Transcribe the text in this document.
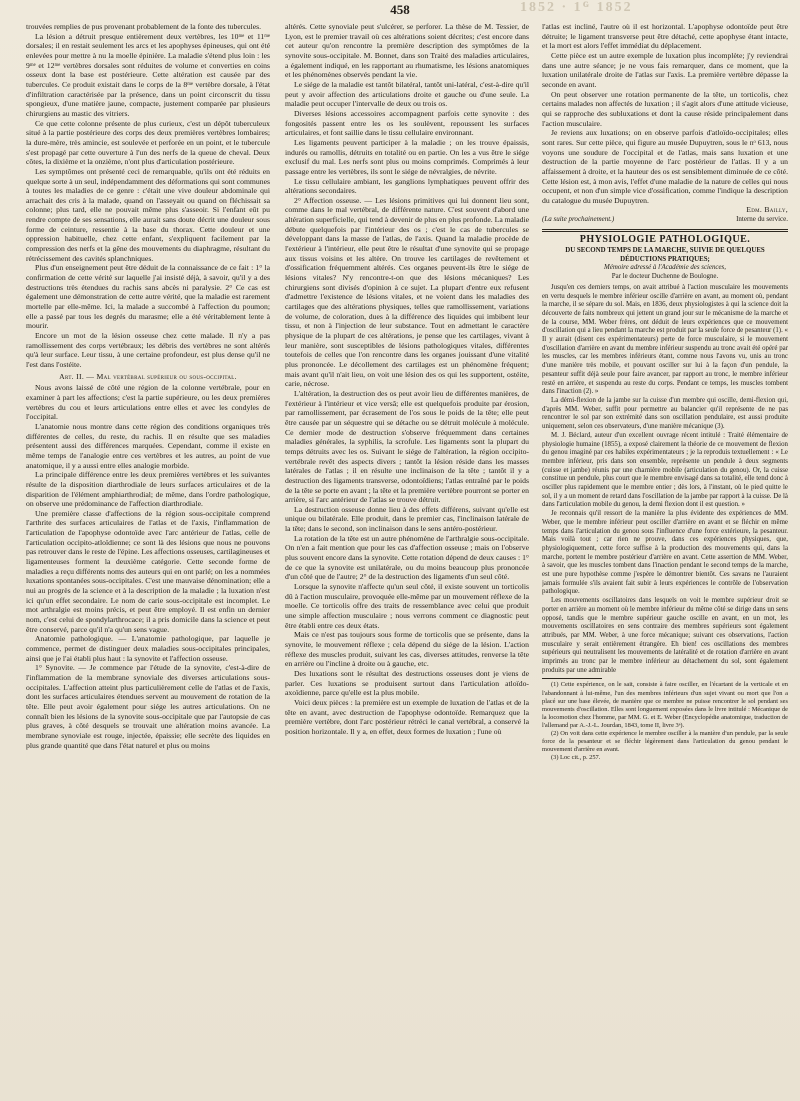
1852 · 1ᴳ 1852
458

trouvées remplies de pus provenant probablement de la fonte des tubercules.

La lésion a détruit presque entièrement deux vertèbres, les 10ᵐᵉ et 11ᵐᵉ dorsales; il en restait seulement les arcs et les apophyses épineuses, qui ont été enlevées pour mettre à nu la moelle épinière. La maladie s'étend plus loin : les 9ᵐᵉ et 12ᵐᵉ vertèbres dorsales sont réduites de volume et converties en coins osseux dont la base est postérieure. Cette altération est causée par des tubercules. Ce produit existait dans le corps de la 8ᵐᵉ vertèbre dorsale, à l'état d'infiltration caractérisée par la présence, dans un point circonscrit du tissu spongieux, d'une matière jaune, compacte, justement comparée par plusieurs chirurgiens au mastic des vitriers.

Ce que cette colonne présente de plus curieux, c'est un dépôt tuberculeux situé à la partie postérieure des corps des deux premières vertèbres lombaires; la dure-mère, très amincie, est soulevée et perforée en un point, et le tubercule s'est propagé par cette ouverture à l'un des nerfs de la queue de cheval. Deux côtes, la dixième et la onzième, n'ont plus d'articulation postérieure.

Les symptômes ont présenté ceci de remarquable, qu'ils ont été réduits en quelque sorte à un seul, indépendamment des déformations qui sont communes à toutes les maladies de ce genre : c'était une vive douleur abdominale qui arrachait des cris à la malade, quand on l'asseyait ou quand on fléchissait sa colonne; plus tard, elle ne pouvait même plus s'asseoir. Si l'enfant eût pu rendre compte de ses sensations, elle aurait sans doute décrit une douleur sous forme de ceinture, ressentie à la base du thorax. Cette douleur et une oppression habituelle, chez cette enfant, s'expliquent facilement par la compression des nerfs et la gêne des mouvements du diaphragme, résultant du rétrécissement des cavités splanchniques.

Plus d'un enseignement peut être déduit de la connaissance de ce fait : 1° la confirmation de cette vérité sur laquelle j'ai insisté déjà, à savoir, qu'il y a des destructions très étendues du rachis sans abcès ni paralysie. 2° Ce cas est également une démonstration de cette autre vérité, que la maladie est rarement mortelle par elle-même. Ici, la malade a succombé à l'affection du poumon; elle a passé par tous les degrés du marasme; elle a été véritablement lente à mourir.

Encore un mot de la lésion osseuse chez cette malade. Il n'y a pas ramollissement des corps vertébraux; les débris des vertèbres ne sont altérés qu'à leur surface. Leur tissu, à une certaine profondeur, est plus dense qu'il ne l'est dans l'ostéite.

Art. II. — Mal vertébral supérieur ou sous-occipital.

Nous avons laissé de côté une région de la colonne vertébrale, pour en examiner à part les affections; c'est la partie supérieure, ou les deux premières vertèbres du cou et leurs articulations entre elles et avec les condyles de l'occipital.

L'anatomie nous montre dans cette région des conditions organiques très différentes de celles, du reste, du rachis. Il en résulte que ses maladies présentent aussi des différences marquées. Cependant, comme il existe en même temps de l'analogie entre ces vertèbres et les autres, au point de vue anatomique, il y a aussi entre elles analogie morbide.

La principale différence entre les deux premières vertèbres et les suivantes résulte de la disposition diarthrodiale de leurs surfaces articulaires et de la disparition de l'élément amphiarthrodial; de même, dans l'ordre pathologique, on observe une prédominance de l'affection diarthrodiale.

Une première classe d'affections de la région sous-occipitale comprend l'arthrite des surfaces articulaires de l'atlas et de l'axis, l'inflammation de l'articulation de l'apophyse odontoïde avec l'arc antérieur de l'atlas, celle de l'articulation occipito-atloïdienne; ce sont là des lésions que nous ne pouvons pas retrouver dans le reste de l'épine. Les affections osseuses, cartilagineuses et ligamenteuses forment la deuxième catégorie. Cette seconde forme de maladies a reçu différents noms des auteurs qui en ont parlé; on les a nommées luxations spontanées sous-occipitales. C'est une mauvaise dénomination; elle a nui au progrès de la science et à la description de la maladie ; la luxation n'est ici qu'un effet secondaire. Le nom de carie sous-occipitale est incomplet. Le mot arthralgie est moins précis, et peut être employé. Il est enfin un dernier nom, c'est celui de spondylarthrocace; il a pris domicile dans la science et peut être conservé, parce qu'il n'a qu'un sens vague.

Anatomie pathologique. — L'anatomie pathologique, par laquelle je commence, permet de distinguer deux maladies sous-occipitales principales, ainsi que je l'ai établi plus haut : la synovite et l'affection osseuse.

1° Synovite. — Je commence par l'étude de la synovite, c'est-à-dire de l'inflammation de la membrane synoviale des diverses articulations sous-occipitales. L'affection atteint plus particulièrement celle de l'atlas et de l'axis, dont les surfaces articulaires étendues servent au mouvement de rotation de la tête. Elle peut avoir également pour siége les autres articulations. On ne connaît bien les lésions de la synovite sous-occipitale que par l'autopsie de cas plus graves, à côté desquels se trouvait une altération moins avancée. La membrane synoviale est rouge, injectée, épaissie; elle secrète des liquides en plus grande quantité que dans l'état naturel et plus ou moins

altérés. Cette synoviale peut s'ulcérer, se perforer. La thèse de M. Tessier, de Lyon, est le premier travail où ces altérations soient décrites; c'est encore dans cet auteur qu'on rencontre la première description des symptômes de la synovite sous-occipitale. M. Bonnet, dans son Traité des maladies articulaires, a également indiqué, en les rapportant au rhumatisme, les lésions anatomiques et les phénomènes observés pendant la vie.

Le siége de la maladie est tantôt bilatéral, tantôt uni-latéral, c'est-à-dire qu'il peut y avoir affection des articulations droite et gauche ou d'une seule. La maladie peut occuper l'intervalle de deux ou trois os.

Diverses lésions accessoires accompagnent parfois cette synovite : des fongosités passent entre les os les soulèvent, repoussent les surfaces articulaires, et font saillie dans le tissu cellulaire environnant.

Les ligaments peuvent participer à la maladie ; on les trouve épaissis, indurés ou ramollis, détruits en totalité ou en partie. On les a vus être le siége exclusif du mal. Les nerfs sont plus ou moins comprimés. Comprimés à leur passage entre les vertèbres, ils sont le siége de névralgies, de névrite.

Le tissu cellulaire ambiant, les ganglions lymphatiques peuvent offrir des altérations secondaires.

2° Affection osseuse. — Les lésions primitives qui lui donnent lieu sont, comme dans le mal vertébral, de différente nature. C'est souvent d'abord une altération superficielle, qui tend à devenir de plus en plus profonde. La maladie débute quelquefois par l'intérieur des os ; c'est le cas de tubercules se développant dans la masse de l'atlas, de l'axis. Quand la maladie procède de l'extérieur à l'intérieur, elle peut être le résultat d'une synovite qui se propage aux tissus voisins et les altère. On trouve les cartilages de revêtement et d'ossification fréquemment altérés. Ces organes peuvent-ils être le siége de lésions vitales? N'y rencontre-t-on que des lésions mécaniques? Les chirurgiens sont divisés d'opinion à ce sujet. La plupart d'entre eux refusent d'admettre l'existence de lésions vitales, et ne voient dans les maladies des cartilages que des altérations physiques, telles que ramollissement, variations de volume, de coloration, dues à la différence des liquides qui imbibent leur tissu, et non à l'injection de leur substance. Tout en admettant le caractère physique de la plupart de ces altérations, je pense que les cartilages, vivant à leur manière, sont susceptibles de lésions pathologiques vitales, différentes toutefois de celles que l'on rencontre dans les organes jouissant d'une vitalité plus prononcée. Le décollement des cartilages est un phénomène fréquent; mais avant qu'il n'ait lieu, on voit une lésion des os qui les supportent, ostéite, carie, nécrose.

L'altération, la destruction des os peut avoir lieu de différentes manières, de l'extérieur à l'intérieur et vice versâ; elle est quelquefois produite par érosion, par ramollissement, par écrasement de l'os sous le poids de la tête; elle peut être causée par un séquestre qui se détache ou se détruit molécule à molécule. Ce dernier mode de destruction s'observe fréquemment dans certaines maladies générales, la syphilis, la scrofule. Les ligaments sont la plupart du temps détruits avec les os. Suivant le siége de l'altération, la région occipito-vertébrale revêt des aspects divers ; tantôt la lésion réside dans les masses latérales de l'atlas ; il en résulte une inclinaison de la tête ; tantôt il y a destruction des ligaments transverse, odontoïdiens; l'atlas entraîné par le poids de la tête se porte en avant ; la tête et la première vertèbre pourront se porter en arrière, si l'arc antérieur de l'atlas se trouve détruit.

La destruction osseuse donne lieu à des effets différens, suivant qu'elle est unique ou bilatérale. Elle produit, dans le premier cas, l'inclinaison latérale de la tête; dans le second, son inclinaison dans le sens antéro-postérieur.

La rotation de la tête est un autre phénomène de l'arthralgie sous-occipitale. On n'en a fait mention que pour les cas d'affection osseuse ; mais on l'observe plus souvent encore dans la synovite. Cette rotation dépend de deux causes : 1° de ce que la synovite est unilatérale, ou du moins beaucoup plus prononcée d'un côté que de l'autre; 2° de la destruction des ligaments d'un seul côté.

Lorsque la synovite n'affecte qu'un seul côté, il existe souvent un torticolis dû à l'action musculaire, provoquée elle-même par un mouvement réflexe de la moelle. Ce torticolis offre des traits de ressemblance avec celui que produit une simple affection musculaire ; nous verrons comment ce diagnostic peut être établi entre ces deux états.

Mais ce n'est pas toujours sous forme de torticolis que se présente, dans la synovite, le mouvement réflexe ; cela dépend du siége de la lésion. L'action réflexe des muscles produit, suivant les cas, diverses attitudes, renverse la tête en arrière ou l'incline à droite ou à gauche, etc.

Des luxations sont le résultat des destructions osseuses dont je viens de parler. Ces luxations se produisent surtout dans l'articulation atloïdo-axoïdienne, parce qu'elle est la plus mobile.

Voici deux pièces : la première est un exemple de luxation de l'atlas et de la tête en avant, avec destruction de l'apophyse odontoïde. Remarquez que la première vertèbre, dont l'arc postérieur rétréci le canal vertébral, a conservé la position horizontale. Il y a, en effet, deux formes de luxation ; l'une où

l'atlas est incliné, l'autre où il est horizontal. L'apophyse odontoïde peut être détruite; le ligament transverse peut être détaché, cette apophyse étant intacte, et la mort est alors l'effet immédiat du déplacement.

Cette pièce est un autre exemple de luxation plus incomplète; j'y reviendrai dans une autre séance; je ne vous fais remarquer, dans ce moment, que la luxation unilatérale droite de l'atlas sur l'axis. La première vertèbre dépasse la seconde en avant.

On peut observer une rotation permanente de la tête, un torticolis, chez certains malades non affectés de luxation ; il s'agit alors d'une attitude vicieuse, qui se rapproche des subluxations et dont la cause réside principalement dans l'action musculaire.

Je reviens aux luxations; on en observe parfois d'atloïdo-occipitales; elles sont rares. Sur cette pièce, qui figure au musée Dupuytren, sous le nᵒ 613, nous voyons une soudure de l'occipital et de l'atlas, mais sans luxation et une destruction de la partie moyenne de l'arc postérieur de l'atlas. Il y a un affaissement à droite, et la hauteur des os est sensiblement diminuée de ce côté. Cette lésion est, à mon avis, l'effet d'une maladie de la nature de celles qui nous occupent, et non d'un simple vice d'ossification, comme l'indique la description du catalogue du musée Dupuytren.

Edm. Bailly,

(La suite prochainement.)	Interne du service.

PHYSIOLOGIE PATHOLOGIQUE.

DU SECOND TEMPS DE LA MARCHE, SUIVIE DE QUELQUES DÉDUCTIONS PRATIQUES;

Mémoire adressé à l'Académie des sciences,

Par le docteur Duchenne de Boulogne.

Jusqu'en ces derniers temps, on avait attribué à l'action musculaire les mouvements en vertu desquels le membre inférieur oscille d'arrière en avant, au moment où, pendant la marche, il se sépare du sol. Mais, en 1836, deux physiologistes à qui la science doit la découverte de faits nombreux qui jettent un grand jour sur le mécanisme de la marche et de la course, MM. Weber frères, ont déduit de leurs expériences que ce mouvement d'oscillation qui a lieu pendant la marche est produit par la seule force de pesanteur (1). « Il y aurait (disent ces expérimentateurs) perte de force musculaire, si le mouvement d'oscillation d'arrière en avant du membre inférieur suspendu au tronc avait été opéré par les muscles, car les membres inférieurs étant, comme nous l'avons vu, unis au tronc d'une manière très mobile, et pouvant osciller sur lui à la façon d'un pendule, la pesanteur suffit déjà seule pour faire avancer, par rapport au tronc, le membre inférieur resté en arrière, et suspendu au reste du corps. Pendant ce temps, les muscles tombent dans l'inaction (2). »

La démi-flexion de la jambe sur la cuisse d'un membre qui oscille, demi-flexion qui, d'après MM. Weber, suffit pour permettre au balancier qu'il représente de ne pas rencontrer le sol par son extrémité dans son oscillation pendulaire, est aussi produite uniquement, selon ces observateurs, d'une manière mécanique (3).

M. J. Béclard, auteur d'un excellent ouvrage récent intitulé : Traité élémentaire de physiologie humaine (1855), a exposé clairement la théorie de ce mouvement de flexion du genou imaginé par ces habiles expérimentateurs ; je la reproduis textuellement : « Le membre inférieur, pris dans son ensemble, représente un pendule à deux segments (cuisse et jambe) réunis par une charnière mobile (articulation du genou). Or, la cuisse constitue un pendule, plus court que le membre envisagé dans sa totalité, elle tend donc à osciller plus rapidement que le membre entier ; dès lors, à l'instant, où le pied quitte le sol, il y a un moment de retard dans l'oscillation de la jambe par rapport à la cuisse. De là dans l'articulation mobile du genou, la demi flexion dont il est question. »

Je reconnais qu'il ressort de la manière la plus évidente des expériences de MM. Weber, que le membre inférieur peut osciller d'arrière en avant et se fléchir en même temps dans l'articulation du genou sous l'influence d'une force extérieure, la pesanteur. Mais voilà tout ; car rien ne prouve, dans ces expériences physiques, que, physiologiquement, cette force suffise à la production des mouvements qui, dans la marche, portent le membre postérieur d'arrière en avant. Cette assertion de MM. Weber, à savoir, que les muscles tombent dans l'inaction pendant le second temps de la marche, est une pure hypothèse comme j'espère le démontrer bientôt. Ces savans ne l'auraient jamais formulée s'ils avaient fait subir à leurs expériences le contrôle de l'observation pathologique.

Les mouvements oscillatoires dans lesquels on voit le membre supérieur droit se porter en arrière au moment où le membre inférieur du même côté se dirige dans un sens opposé, tandis que le membre supérieur gauche oscille en avant, en un mot, les mouvements oscillatoires en sens contraire des membres supérieurs sont également attribués, par MM. Weber, à une force mécanique; suivant ces observations, l'action musculaire y serait entièrement étrangère. Eh bien! ces oscillations des membres supérieurs qui neutralisent les mouvements de latéralité et de rotation d'arrière en avant imprimés au tronc par le membre inférieur au détachement du sol, sont également produits par une admirable

(1) Cette expérience, on le sait, consiste à faire osciller, en l'écartant de la verticale et en l'abandonnant à lui-même, l'un des membres inférieurs d'un sujet vivant ou mort que l'on a placé sur une base élevée, de manière que ce membre ne puisse rencontrer le sol pendant ses mouvements d'oscillation. Elles sont longuement exposées dans le livre intitulé : Mécanique de la locomotion chez l'homme, par MM. G. et E. Weber (Encyclopédie anatomique, traduction de l'allemand par A.-J.-L. Jourdan, 1843, tome II, livre 3ᵉ).

(2) On voit dans cette expérience le membre osciller à la manière d'un pendule, par la seule force de la pesanteur et se fléchir légèrement dans l'articulation du genou pendant le mouvement d'arrière en avant.

(3) Loc cit., p. 257.
